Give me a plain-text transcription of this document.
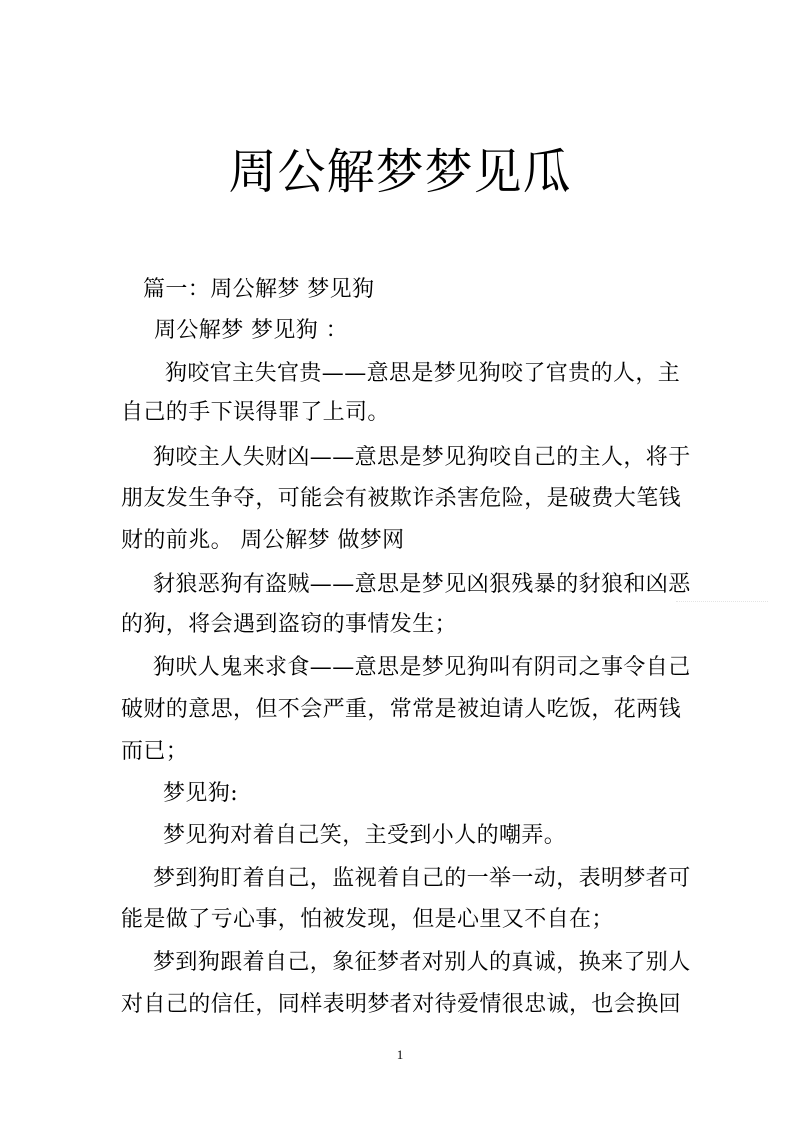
周公解梦梦见瓜

篇一：周公解梦 梦见狗

周公解梦 梦见狗 ：

狗咬官主失官贵——意思是梦见狗咬了官贵的人，主

自己的手下误得罪了上司。

狗咬主人失财凶——意思是梦见狗咬自己的主人，将于

朋友发生争夺，可能会有被欺诈杀害危险，是破费大笔钱

财的前兆。 周公解梦 做梦网

豺狼恶狗有盗贼——意思是梦见凶狠残暴的豺狼和凶恶

的狗，将会遇到盗窃的事情发生；

狗吠人鬼来求食——意思是梦见狗叫有阴司之事令自己

破财的意思，但不会严重，常常是被迫请人吃饭，花两钱

而已；

梦见狗:

梦见狗对着自己笑，主受到小人的嘲弄。

梦到狗盯着自己，监视着自己的一举一动，表明梦者可

能是做了亏心事，怕被发现，但是心里又不自在；

梦到狗跟着自己，象征梦者对别人的真诚，换来了别人

对自己的信任，同样表明梦者对待爱情很忠诚，也会换回

1
